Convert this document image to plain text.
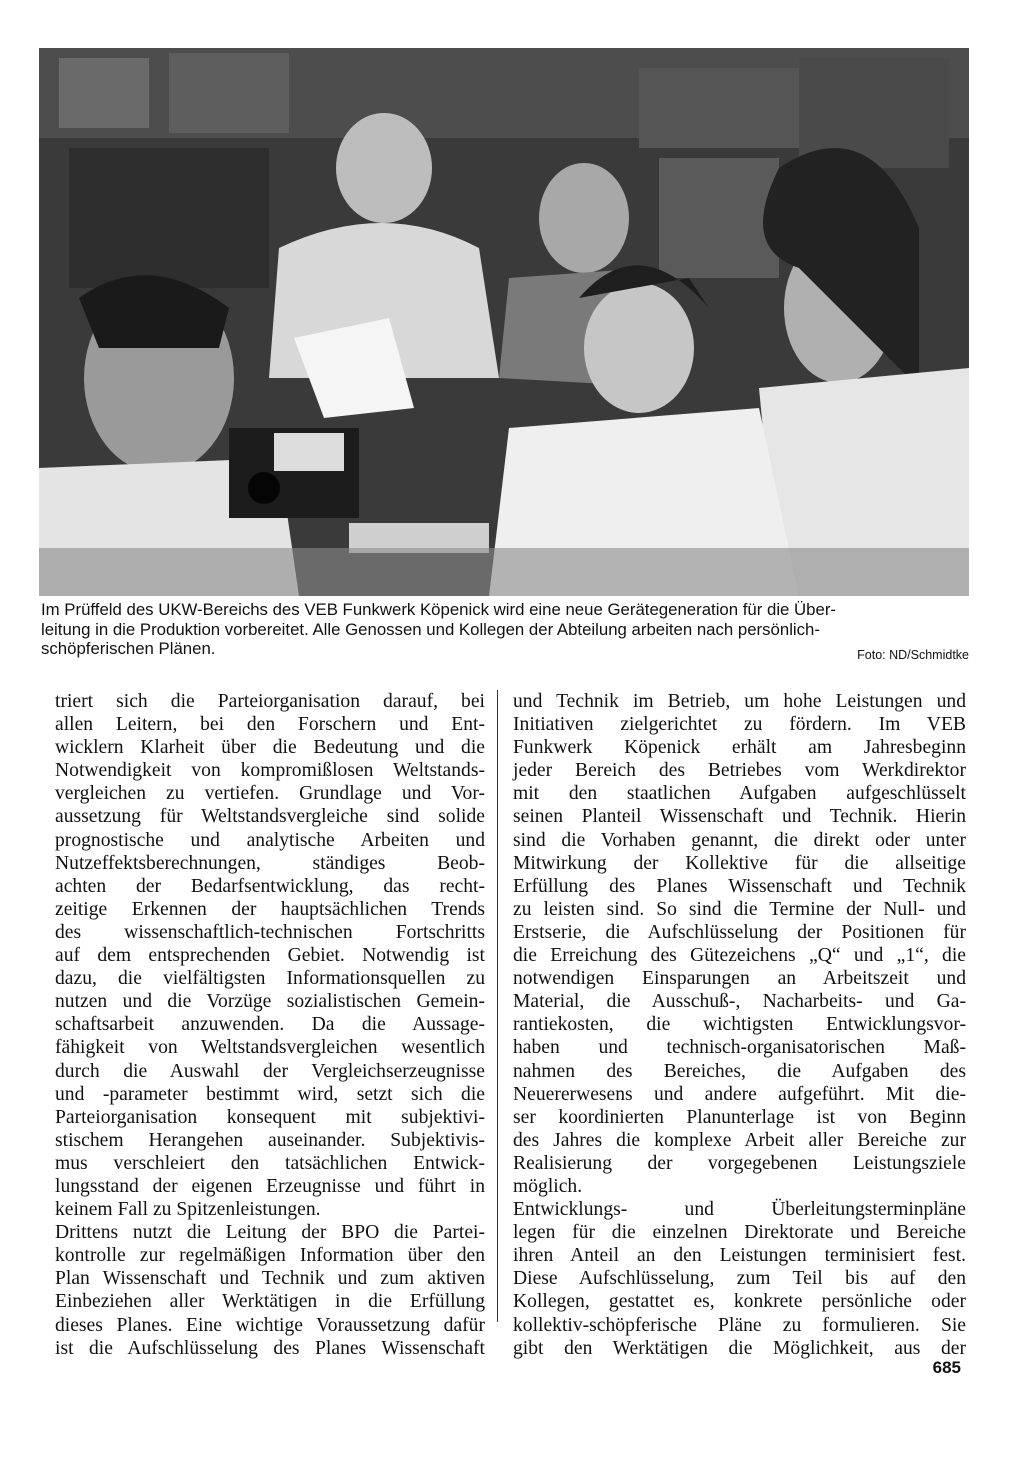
Im Prüffeld des UKW-Bereichs des VEB Funkwerk Köpenick wird eine neue Gerätegeneration für die Über-
leitung in die Produktion vorbereitet. Alle Genossen und Kollegen der Abteilung arbeiten nach persönlich-
schöpferischen Plänen.	Foto: ND/Schmidtke
triert sich die Parteiorganisation darauf, bei
allen Leitern, bei den Forschern und Ent-
wicklern Klarheit über die Bedeutung und die
Notwendigkeit von kompromißlosen Weltstands-
vergleichen zu vertiefen. Grundlage und Vor-
aussetzung für Weltstandsvergleiche sind solide
prognostische und analytische Arbeiten und
Nutzeffektsberechnungen, ständiges Beob-
achten der Bedarfsentwicklung, das recht-
zeitige Erkennen der hauptsächlichen Trends
des wissenschaftlich-technischen Fortschritts
auf dem entsprechenden Gebiet. Notwendig ist
dazu, die vielfältigsten Informationsquellen zu
nutzen und die Vorzüge sozialistischen Gemein-
schaftsarbeit anzuwenden. Da die Aussage-
fähigkeit von Weltstandsvergleichen wesentlich
durch die Auswahl der Vergleichserzeugnisse
und -parameter bestimmt wird, setzt sich die
Parteiorganisation konsequent mit subjektivi-
stischem Herangehen auseinander. Subjektivis-
mus verschleiert den tatsächlichen Entwick-
lungsstand der eigenen Erzeugnisse und führt in
keinem Fall zu Spitzenleistungen.
Drittens nutzt die Leitung der BPO die Partei-
kontrolle zur regelmäßigen Information über den
Plan Wissenschaft und Technik und zum aktiven
Einbeziehen aller Werktätigen in die Erfüllung
dieses Planes. Eine wichtige Voraussetzung dafür
ist die Aufschlüsselung des Planes Wissenschaft
und Technik im Betrieb, um hohe Leistungen und
Initiativen zielgerichtet zu fördern. Im VEB
Funkwerk Köpenick erhält am Jahresbeginn
jeder Bereich des Betriebes vom Werkdirektor
mit den staatlichen Aufgaben aufgeschlüsselt
seinen Planteil Wissenschaft und Technik. Hierin
sind die Vorhaben genannt, die direkt oder unter
Mitwirkung der Kollektive für die allseitige
Erfüllung des Planes Wissenschaft und Technik
zu leisten sind. So sind die Termine der Null- und
Erstserie, die Aufschlüsselung der Positionen für
die Erreichung des Gütezeichens „Q“ und „1“, die
notwendigen Einsparungen an Arbeitszeit und
Material, die Ausschuß-, Nacharbeits- und Ga-
rantiekosten, die wichtigsten Entwicklungsvor-
haben und technisch-organisatorischen Maß-
nahmen des Bereiches, die Aufgaben des
Neuererwesens und andere aufgeführt. Mit die-
ser koordinierten Planunterlage ist von Beginn
des Jahres die komplexe Arbeit aller Bereiche zur
Realisierung der vorgegebenen Leistungsziele
möglich.
Entwicklungs- und Überleitungsterminpläne
legen für die einzelnen Direktorate und Bereiche
ihren Anteil an den Leistungen terminisiert fest.
Diese Aufschlüsselung, zum Teil bis auf den
Kollegen, gestattet es, konkrete persönliche oder
kollektiv-schöpferische Pläne zu formulieren. Sie
gibt den Werktätigen die Möglichkeit, aus der
685
